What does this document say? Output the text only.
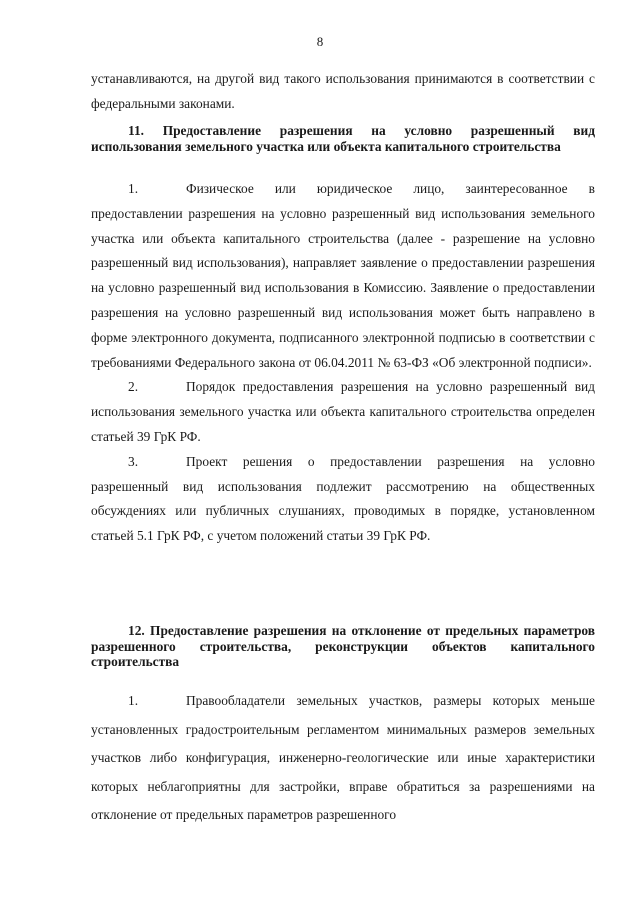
8

устанавливаются, на другой вид такого использования принимаются в соответствии с федеральными законами.

11. Предоставление разрешения на условно разрешенный вид использования земельного участка или объекта капитального строительства

1.	Физическое или юридическое лицо, заинтересованное в предоставлении разрешения на условно разрешенный вид использования земельного участка или объекта капитального строительства (далее - разрешение на условно разрешенный вид использования), направляет заявление о предоставлении разрешения на условно разрешенный вид использования в Комиссию. Заявление о предоставлении разрешения на условно разрешенный вид использования может быть направлено в форме электронного документа, подписанного электронной подписью в соответствии с требованиями Федерального закона от 06.04.2011 № 63-ФЗ «Об электронной подписи».

2.	Порядок предоставления разрешения на условно разрешенный вид использования земельного участка или объекта капитального строительства определен статьей 39 ГрК РФ.

3.	Проект решения о предоставлении разрешения на условно разрешенный вид использования подлежит рассмотрению на общественных обсуждениях или публичных слушаниях, проводимых в порядке, установленном статьей 5.1 ГрК РФ, с учетом положений статьи 39 ГрК РФ.

12. Предоставление разрешения на отклонение от предельных параметров разрешенного строительства, реконструкции объектов капитального строительства

1.	Правообладатели земельных участков, размеры которых меньше установленных градостроительным регламентом минимальных размеров земельных участков либо конфигурация, инженерно-геологические или иные характеристики которых неблагоприятны для застройки, вправе обратиться за разрешениями на отклонение от предельных параметров разрешенного
